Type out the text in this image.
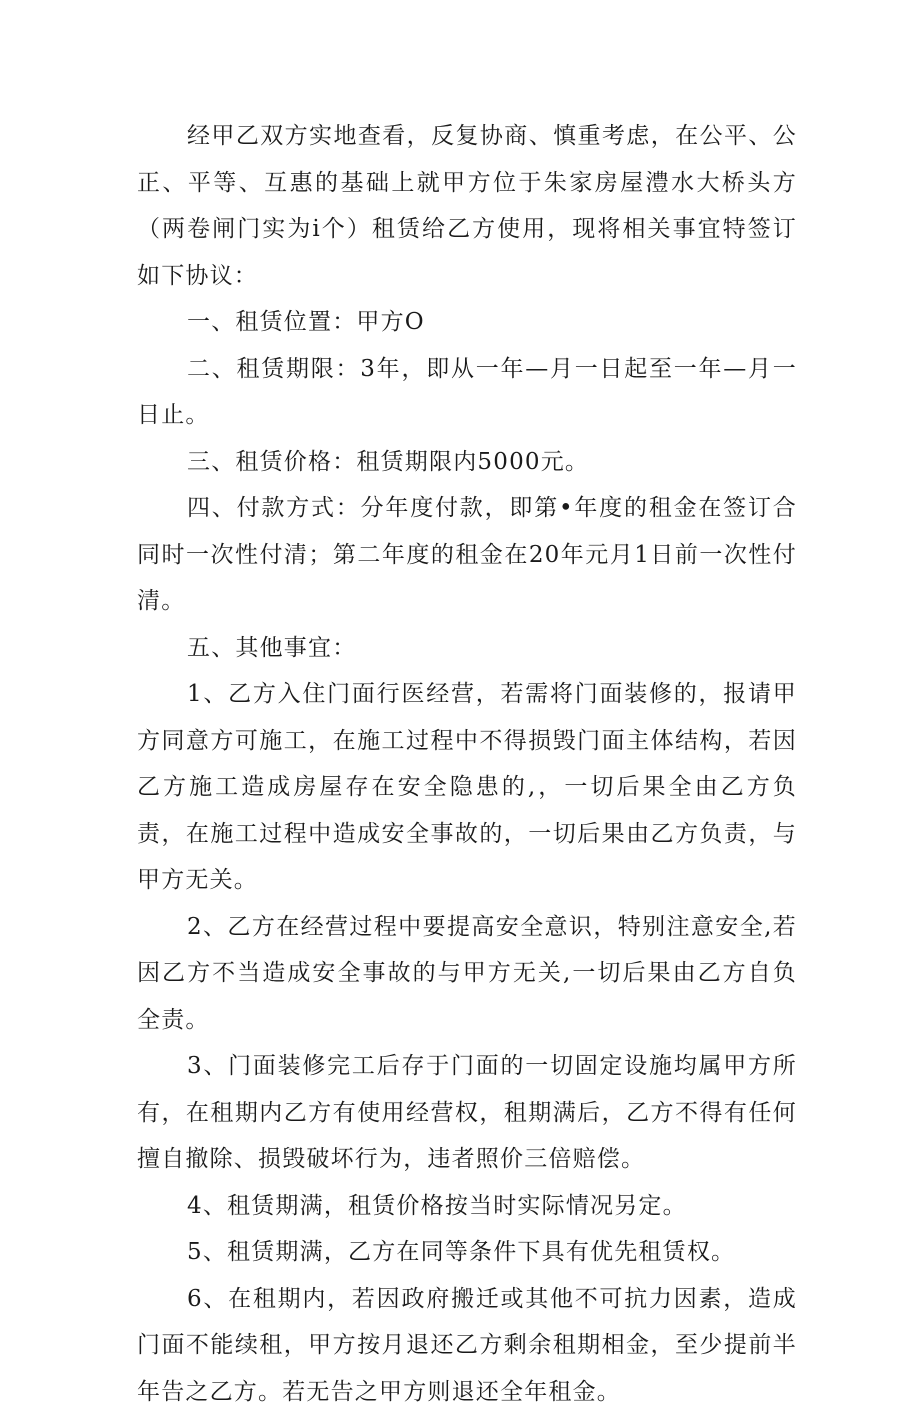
经甲乙双方实地查看，反复协商、慎重考虑，在公平、公正、平等、互惠的基础上就甲方位于朱家房屋澧水大桥头方（两卷闸门实为i个）租赁给乙方使用，现将相关事宜特签订如下协议：

一、租赁位置：甲方O

二、租赁期限：3年，即从一年—月一日起至一年—月一日止。

三、租赁价格：租赁期限内5000元。

四、付款方式：分年度付款，即第•年度的租金在签订合同时一次性付清；第二年度的租金在20年元月1日前一次性付清。

五、其他事宜：

1、乙方入住门面行医经营，若需将门面装修的，报请甲方同意方可施工，在施工过程中不得损毁门面主体结构，若因乙方施工造成房屋存在安全隐患的,，一切后果全由乙方负责，在施工过程中造成安全事故的，一切后果由乙方负责，与甲方无关。

2、乙方在经营过程中要提高安全意识，特别注意安全,若因乙方不当造成安全事故的与甲方无关,一切后果由乙方自负全责。

3、门面装修完工后存于门面的一切固定设施均属甲方所有，在租期内乙方有使用经营权，租期满后，乙方不得有任何擅自撤除、损毁破坏行为，违者照价三倍赔偿。

4、租赁期满，租赁价格按当时实际情况另定。

5、租赁期满，乙方在同等条件下具有优先租赁权。

6、在租期内，若因政府搬迁或其他不可抗力因素，造成门面不能续租，甲方按月退还乙方剩余租期相金，至少提前半年告之乙方。若无告之甲方则退还全年租金。
